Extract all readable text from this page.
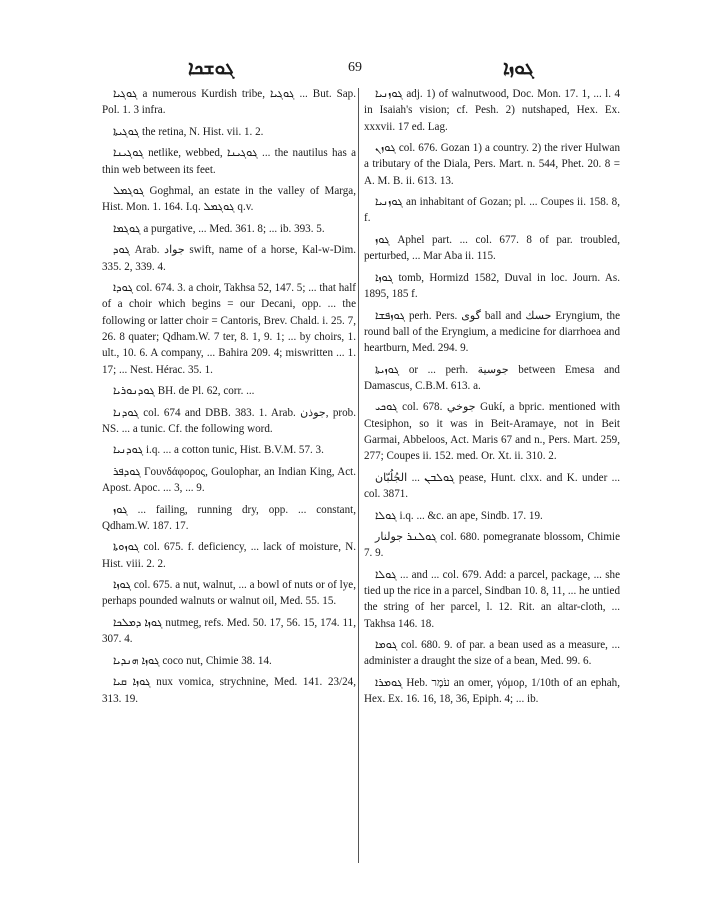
ܓܘܫܟܐ	69	ܓܘܙܐ

ܓܘܓܝܐ a numerous Kurdish tribe, ܓܘܓܝܐ ... But. Sap. Pol. 1. 3 infra.

ܓܘܓܝܬܐ the retina, N. Hist. vii. 1. 2.

ܓܘܓܝܢܐ netlike, webbed, ܓܘܓܝܢܐ ... the nautilus has a thin web between its feet.

ܓܘܓܡܠ Goghmal, an estate in the valley of Marga, Hist. Mon. 1. 164. I.q. ܓܘܓܡܠ q.v.

ܓܘܓܡܐ a purgative, ... Med. 361. 8; ... ib. 393. 5.

ܓܘܕ Arab. جواد swift, name of a horse, Kal-w-Dim. 335. 2, 339. 4.

ܓܘܕܐ col. 674. 3. a choir, Takhsa 52, 147. 5; ... that half of a choir which begins = our Decani, opp. ... the following or latter choir = Cantoris, Brev. Chald. i. 25. 7, 26. 8 quater; Qdham.W. 7 ter, 8. 1, 9. 1; ... by choirs, 1. ult., 10. 6. A company, ... Bahira 209. 4; miswritten ... 1. 17; ... Nest. Hérac. 35. 1.

ܓܘܕܢܘܪܝܐ BH. de Pl. 62, corr. ...

ܓܘܕܢܐ col. 674 and DBB. 383. 1. Arab. جوذن, prob. NS. ... a tunic. Cf. the following word.

ܓܘܕܢܝܐ i.q. ... a cotton tunic, Hist. B.V.M. 57. 3.

ܓܘܕܦܪ Γουνδάφορος, Goulophar, an Indian King, Act. Apost. Apoc. ... 3, ... 9.

ܓܘܙ ... failing, running dry, opp. ... constant, Qdham.W. 187. 17.

ܓܘܙܘܬܐ col. 675. f. deficiency, ... lack of moisture, N. Hist. viii. 2. 2.

ܓܘܙܐ col. 675. a nut, walnut, ... a bowl of nuts or of lye, perhaps pounded walnuts or walnut oil, Med. 55. 15.

ܓܘܙܐ ܕܡܠܟܐ nutmeg, refs. Med. 50. 17, 56. 15, 174. 11, 307. 4.

ܓܘܙܐ ܗܢܕܝܐ coco nut, Chimie 38. 14.

ܓܘܙܐ ܩܝܐ nux vomica, strychnine, Med. 141. 23/24, 313. 19.

ܓܘܙܢܝܐ adj. 1) of walnutwood, Doc. Mon. 17. 1, ... l. 4 in Isaiah's vision; cf. Pesh. 2) nutshaped, Hex. Ex. xxxvii. 17 ed. Lag.

ܓܘܙܢ col. 676. Gozan 1) a country. 2) the river Hulwan a tributary of the Diala, Pers. Mart. n. 544, Phet. 20. 8 = A. M. B. ii. 613. 13.

ܓܘܙܢܝܐ an inhabitant of Gozan; pl. ... Coupes ii. 158. 8, f.

ܓܘܙ Aphel part. ... col. 677. 8 of par. troubled, perturbed, ... Mar Aba ii. 115.

ܓܘܙܐ tomb, Hormizd 1582, Duval in loc. Journ. As. 1895, 185 f.

ܓܘܙܦܫܐ perh. Pers. گوی ball and حسك Eryngium, the round ball of the Eryngium, a medicine for diarrhoea and heartburn, Med. 294. 9.

ܓܘܙܝܬܐ or ... perh. جوسية between Emesa and Damascus, C.B.M. 613. a.

ܓܘܟܝ col. 678. جوخي Gukí, a bpric. mentioned with Ctesiphon, so it was in Beit-Aramaye, not in Beit Garmai, Abbeloos, Act. Maris 67 and n., Pers. Mart. 259, 277; Coupes ii. 152. med. Or. Xt. ii. 310. 2.

ܓܘܠܒܢ ... الجُلُبّان pease, Hunt. clxx. and K. under ... col. 3871.

ܓܘܠܐ i.q. ... &c. an ape, Sindb. 17. 19.

ܓܘܠܢܪ جولنار col. 680. pomegranate blossom, Chimie 7. 9.

ܓܘܠܐ ... and ... col. 679. Add: a parcel, package, ... she tied up the rice in a parcel, Sindban 10. 8, 11, ... he untied the string of her parcel, l. 12. Rit. an altar-cloth, ... Takhsa 146. 18.

ܓܘܡܐ col. 680. 9. of par. a bean used as a measure, ... administer a draught the size of a bean, Med. 99. 6.

ܓܘܡܪܐ Heb. עֹמֶר an omer, γόμορ, 1/10th of an ephah, Hex. Ex. 16. 16, 18, 36, Epiph. 4; ... ib.
